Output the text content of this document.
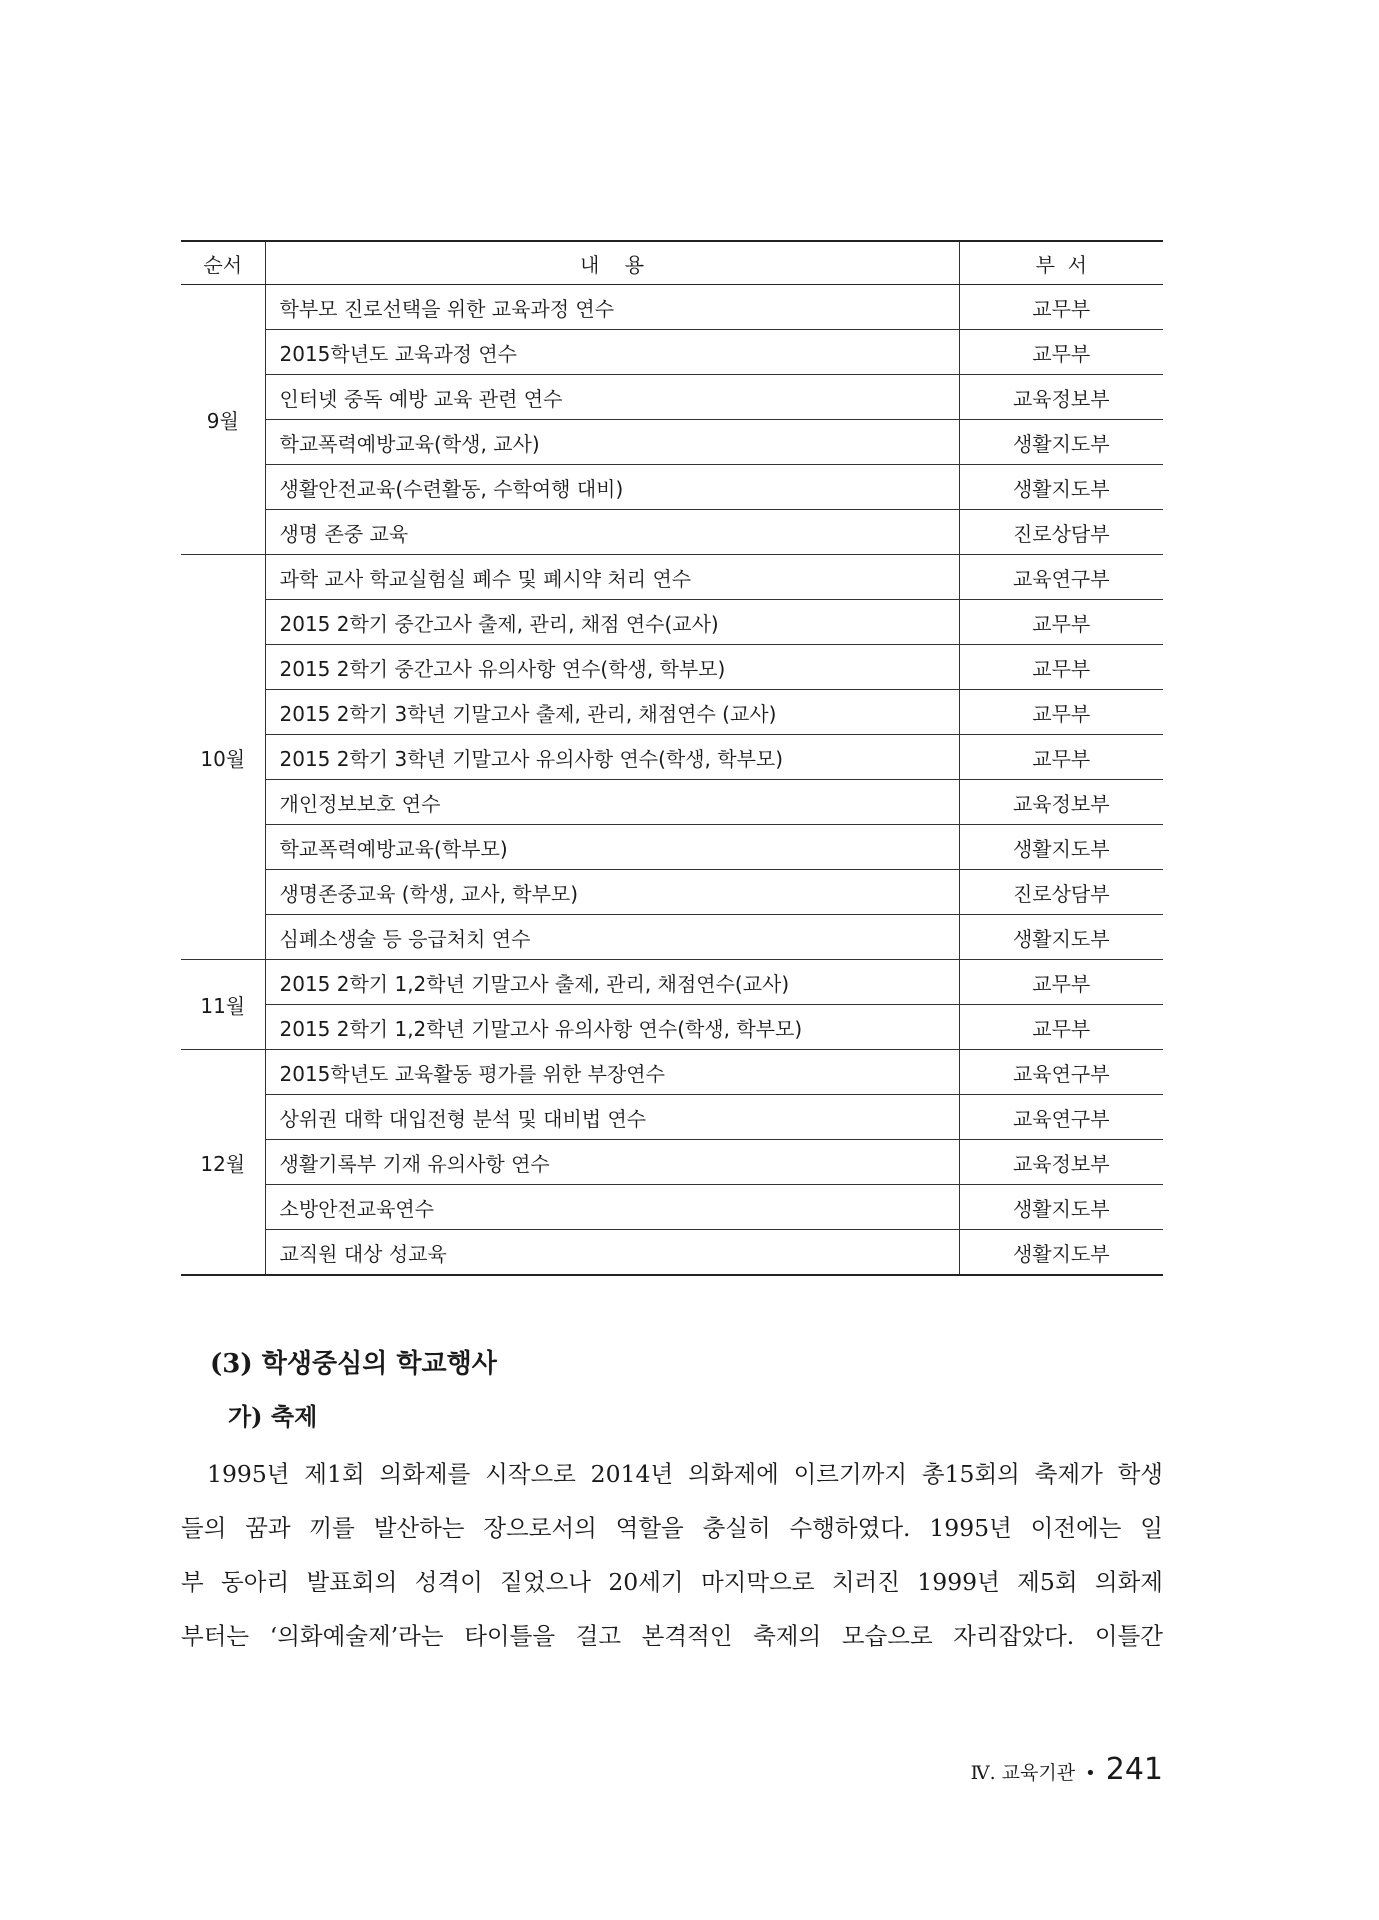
순서	내    용	부  서
9월	학부모 진로선택을 위한 교육과정 연수	교무부
	2015학년도 교육과정 연수	교무부
	인터넷 중독 예방 교육 관련 연수	교육정보부
	학교폭력예방교육(학생, 교사)	생활지도부
	생활안전교육(수련활동, 수학여행 대비)	생활지도부
	생명 존중 교육	진로상담부
10월	과학 교사 학교실험실 폐수 및 폐시약 처리 연수	교육연구부
	2015 2학기 중간고사 출제, 관리, 채점 연수(교사)	교무부
	2015 2학기 중간고사 유의사항 연수(학생, 학부모)	교무부
	2015 2학기 3학년 기말고사 출제, 관리, 채점연수 (교사)	교무부
	2015 2학기 3학년 기말고사 유의사항 연수(학생, 학부모)	교무부
	개인정보보호 연수	교육정보부
	학교폭력예방교육(학부모)	생활지도부
	생명존중교육 (학생, 교사, 학부모)	진로상담부
	심폐소생술 등 응급처치 연수	생활지도부
11월	2015 2학기 1,2학년 기말고사 출제, 관리, 채점연수(교사)	교무부
	2015 2학기 1,2학년 기말고사 유의사항 연수(학생, 학부모)	교무부
12월	2015학년도 교육활동 평가를 위한 부장연수	교육연구부
	상위권 대학 대입전형 분석 및 대비법 연수	교육연구부
	생활기록부 기재 유의사항 연수	교육정보부
	소방안전교육연수	생활지도부
	교직원 대상 성교육	생활지도부
(3) 학생중심의 학교행사
가) 축제
1995년 제1회 의화제를 시작으로 2014년 의화제에 이르기까지 총15회의 축제가 학생
들의 꿈과 끼를 발산하는 장으로서의 역할을 충실히 수행하였다. 1995년 이전에는 일
부 동아리 발표회의 성격이 짙었으나 20세기 마지막으로 치러진 1999년 제5회 의화제
부터는 ‘의화예술제’라는 타이틀을 걸고 본격적인 축제의 모습으로 자리잡았다. 이틀간
Ⅳ. 교육기관 • 241
